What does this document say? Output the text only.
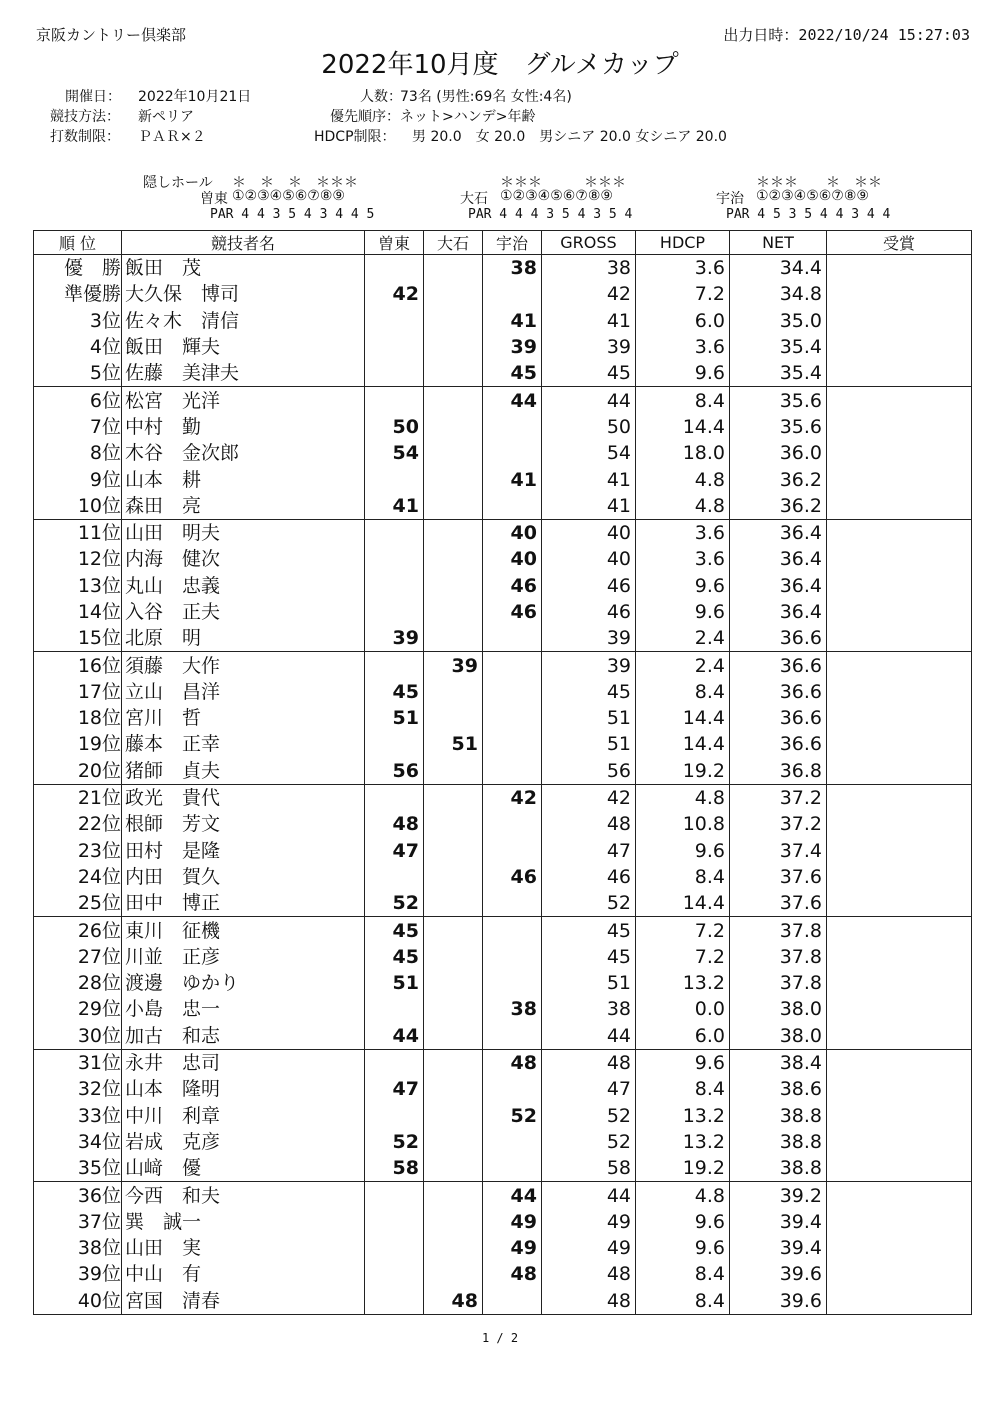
京阪カントリー倶楽部	出力日時：2022/10/24 15:27:03
2022年10月度　グルメカップ
開催日： 2022年10月21日	人数：
73名 (男性:69名 女性:4名)
競技方法： 新ペリア	優先順序： ネット>ハンデ>年齢
打数制限： ＰＡＲ×２	HDCP制限： 男 20.0　女 20.0　男シニア 20.0 女シニア 20.0
隠しホール ＊　＊　＊　＊＊＊
曽東 ①②③④⑤⑥⑦⑧⑨
PAR 4 4 3 5 4 3 4 4 5
＊＊＊　　　＊＊＊
大石 ①②③④⑤⑥⑦⑧⑨
PAR 4 4 4 3 5 4 3 5 4
＊＊＊　　＊　＊＊
宇治 ①②③④⑤⑥⑦⑧⑨
PAR 4 5 3 5 4 4 3 4 4
順 位	競技者名	曽東	大石	宇治	GROSS	HDCP	NET	受賞
優　勝	飯田　茂			38	38	3.6	34.4	
準優勝	大久保　博司	42			42	7.2	34.8	
3位	佐々木　清信			41	41	6.0	35.0	
4位	飯田　輝夫			39	39	3.6	35.4	
5位	佐藤　美津夫			45	45	9.6	35.4	
6位	松宮　光洋			44	44	8.4	35.6	
7位	中村　勤	50			50	14.4	35.6	
8位	木谷　金次郎	54			54	18.0	36.0	
9位	山本　耕			41	41	4.8	36.2	
10位	森田　亮	41			41	4.8	36.2	
11位	山田　明夫			40	40	3.6	36.4	
12位	内海　健次			40	40	3.6	36.4	
13位	丸山　忠義			46	46	9.6	36.4	
14位	入谷　正夫			46	46	9.6	36.4	
15位	北原　明	39			39	2.4	36.6	
16位	須藤　大作		39		39	2.4	36.6	
17位	立山　昌洋	45			45	8.4	36.6	
18位	宮川　哲	51			51	14.4	36.6	
19位	藤本　正幸		51		51	14.4	36.6	
20位	猪師　貞夫	56			56	19.2	36.8	
21位	政光　貴代			42	42	4.8	37.2	
22位	根師　芳文	48			48	10.8	37.2	
23位	田村　是隆	47			47	9.6	37.4	
24位	内田　賀久			46	46	8.4	37.6	
25位	田中　博正	52			52	14.4	37.6	
26位	東川　征機	45			45	7.2	37.8	
27位	川並　正彦	45			45	7.2	37.8	
28位	渡邊　ゆかり	51			51	13.2	37.8	
29位	小島　忠一			38	38	0.0	38.0	
30位	加古　和志	44			44	6.0	38.0	
31位	永井　忠司			48	48	9.6	38.4	
32位	山本　隆明	47			47	8.4	38.6	
33位	中川　利章			52	52	13.2	38.8	
34位	岩成　克彦	52			52	13.2	38.8	
35位	山﨑　優	58			58	19.2	38.8	
36位	今西　和夫			44	44	4.8	39.2	
37位	巽　誠一			49	49	9.6	39.4	
38位	山田　実			49	49	9.6	39.4	
39位	中山　有			48	48	8.4	39.6	
40位	宮国　清春		48		48	8.4	39.6	
1 / 2
